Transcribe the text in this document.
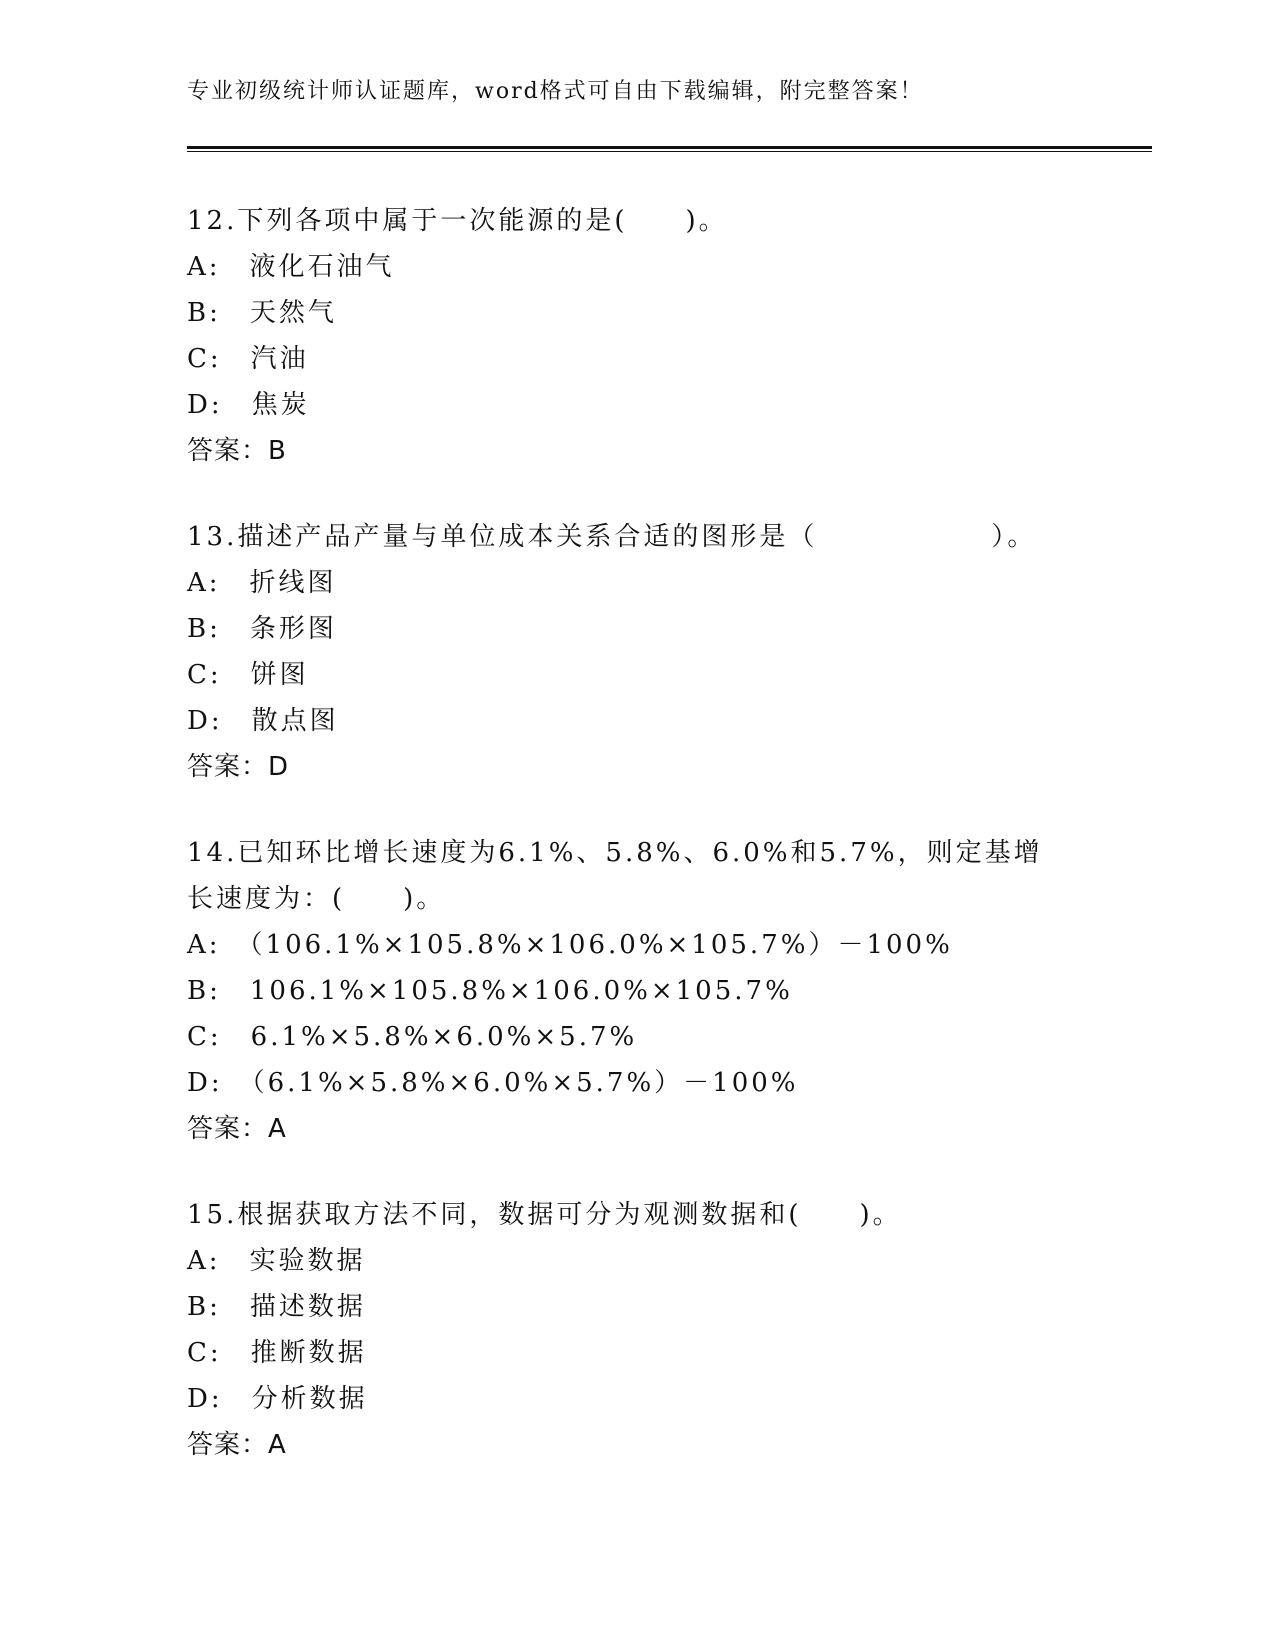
专业初级统计师认证题库，word格式可自由下载编辑，附完整答案！
12.下列各项中属于一次能源的是(　　)。
A:　液化石油气
B:　天然气
C:　汽油
D:　焦炭
答案：B
13.描述产品产量与单位成本关系合适的图形是（　　　　　　）。
A:　折线图
B:　条形图
C:　饼图
D:　散点图
答案：D
14.已知环比增长速度为6.1%、5.8%、6.0%和5.7%，则定基增长速度为：(　　)。
A:　（106.1%×105.8%×106.0%×105.7%）－100%
B:　106.1%×105.8%×106.0%×105.7%
C:　6.1%×5.8%×6.0%×5.7%
D:　（6.1%×5.8%×6.0%×5.7%）－100%
答案：A
15.根据获取方法不同，数据可分为观测数据和(　　)。
A:　实验数据
B:　描述数据
C:　推断数据
D:　分析数据
答案：A
